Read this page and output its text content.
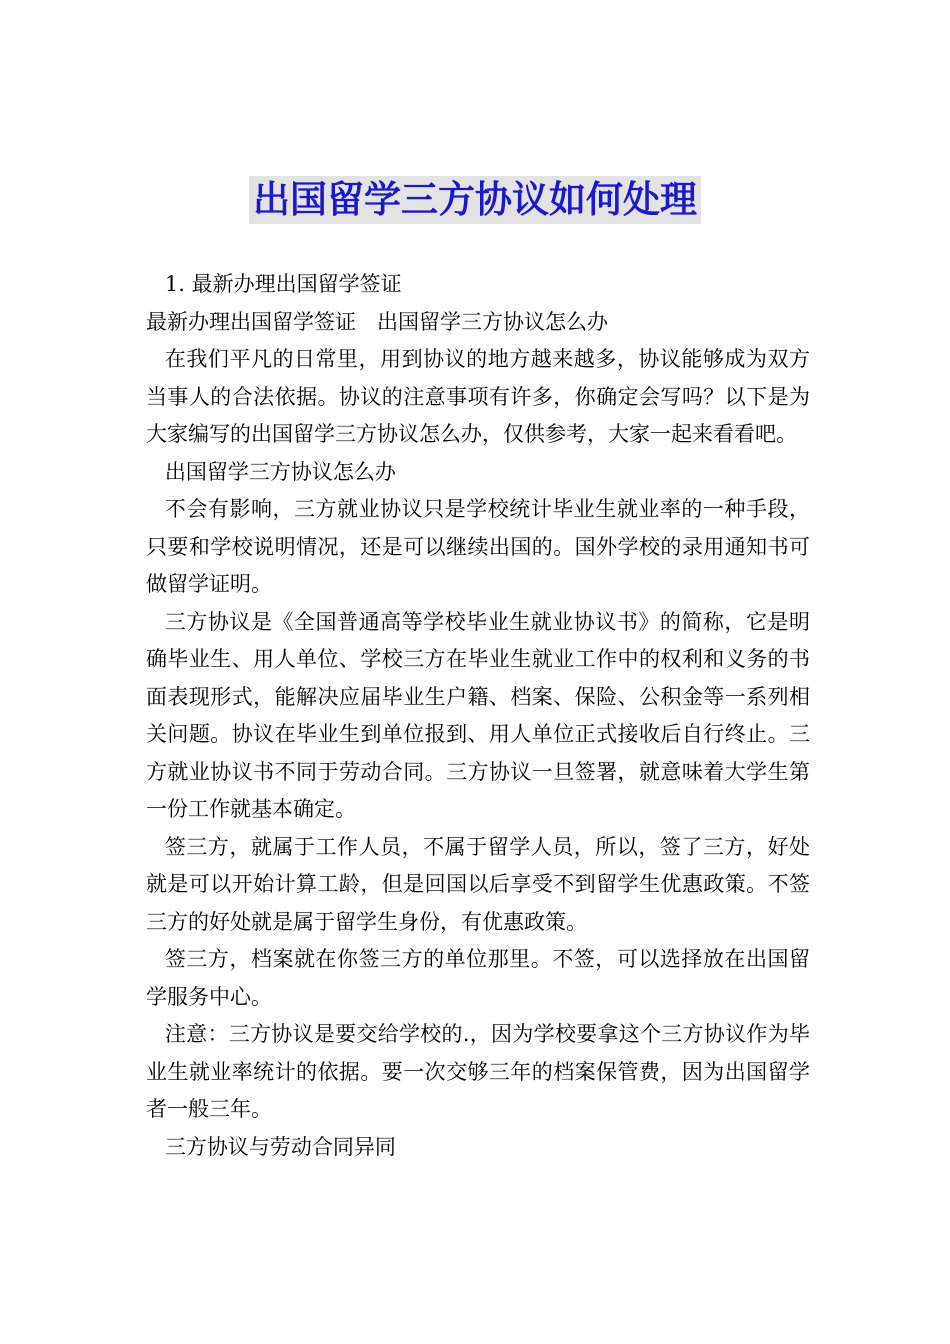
出国留学三方协议如何处理

1. 最新办理出国留学签证

最新办理出国留学签证　出国留学三方协议怎么办

在我们平凡的日常里，用到协议的地方越来越多，协议能够成为双方当事人的合法依据。协议的注意事项有许多，你确定会写吗？以下是为大家编写的出国留学三方协议怎么办，仅供参考，大家一起来看看吧。

出国留学三方协议怎么办

不会有影响，三方就业协议只是学校统计毕业生就业率的一种手段，只要和学校说明情况，还是可以继续出国的。国外学校的录用通知书可做留学证明。

三方协议是《全国普通高等学校毕业生就业协议书》的简称，它是明确毕业生、用人单位、学校三方在毕业生就业工作中的权利和义务的书面表现形式，能解决应届毕业生户籍、档案、保险、公积金等一系列相关问题。协议在毕业生到单位报到、用人单位正式接收后自行终止。三方就业协议书不同于劳动合同。三方协议一旦签署，就意味着大学生第一份工作就基本确定。

签三方，就属于工作人员，不属于留学人员，所以，签了三方，好处就是可以开始计算工龄，但是回国以后享受不到留学生优惠政策。不签三方的好处就是属于留学生身份，有优惠政策。

签三方，档案就在你签三方的单位那里。不签，可以选择放在出国留学服务中心。

注意：三方协议是要交给学校的.，因为学校要拿这个三方协议作为毕业生就业率统计的依据。要一次交够三年的档案保管费，因为出国留学者一般三年。

三方协议与劳动合同异同
